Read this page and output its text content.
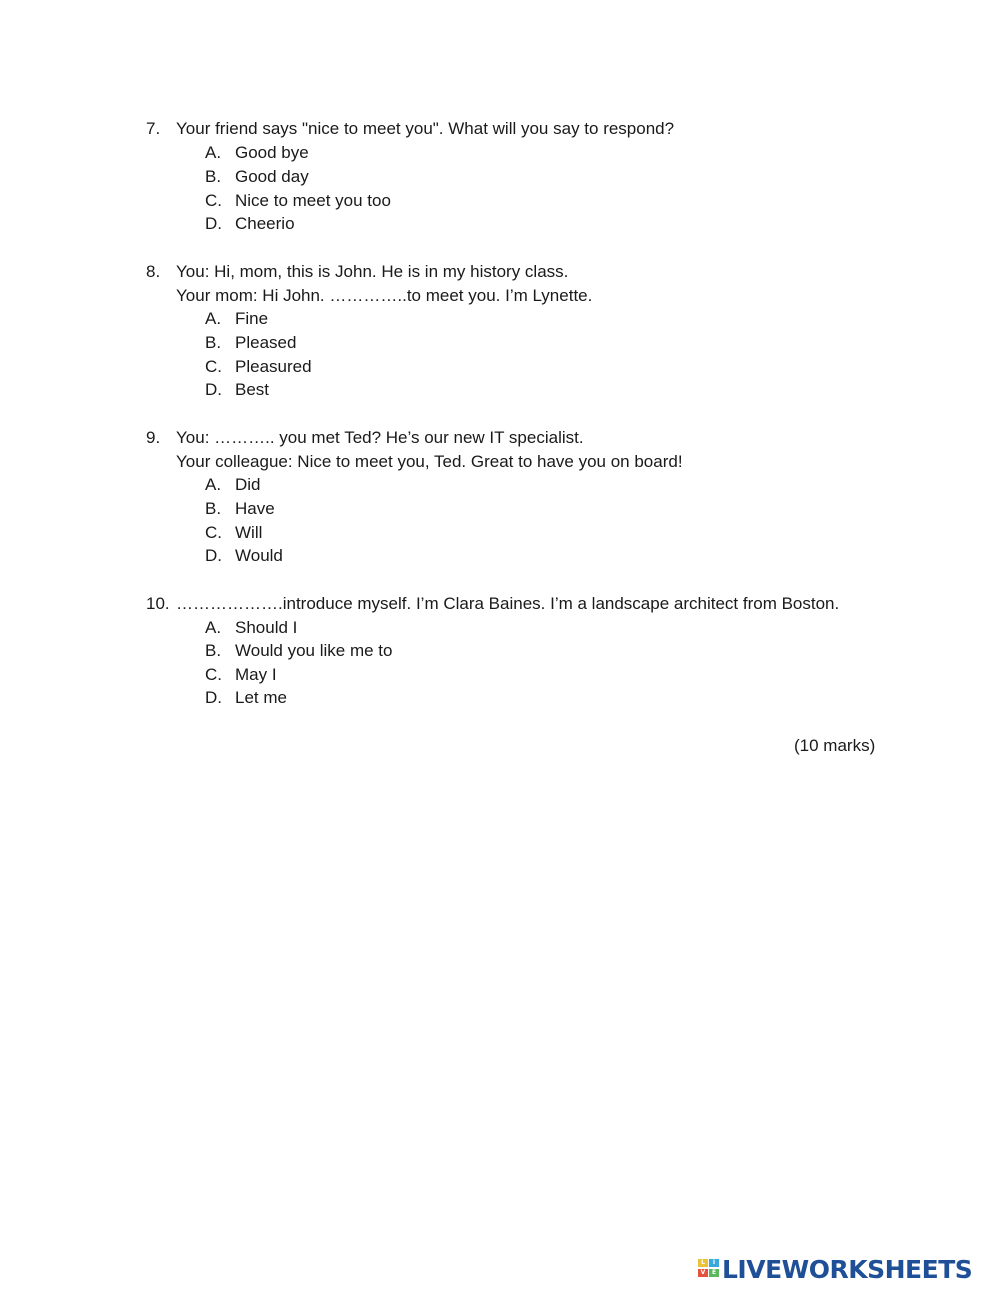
7. Your friend says "nice to meet you". What will you say to respond?
A. Good bye
B. Good day
C. Nice to meet you too
D. Cheerio
8. You: Hi, mom, this is John. He is in my history class.
Your mom: Hi John. …………..to meet you. I’m Lynette.
A. Fine
B. Pleased
C. Pleasured
D. Best
9. You: ……….. you met Ted? He’s our new IT specialist.
Your colleague: Nice to meet you, Ted. Great to have you on board!
A. Did
B. Have
C. Will
D. Would
10. ……………….introduce myself. I’m Clara Baines. I’m a landscape architect from Boston.
A. Should I
B. Would you like me to
C. May I
D. Let me
(10 marks)
L	I
V	E LIVEWORKSHEETS
